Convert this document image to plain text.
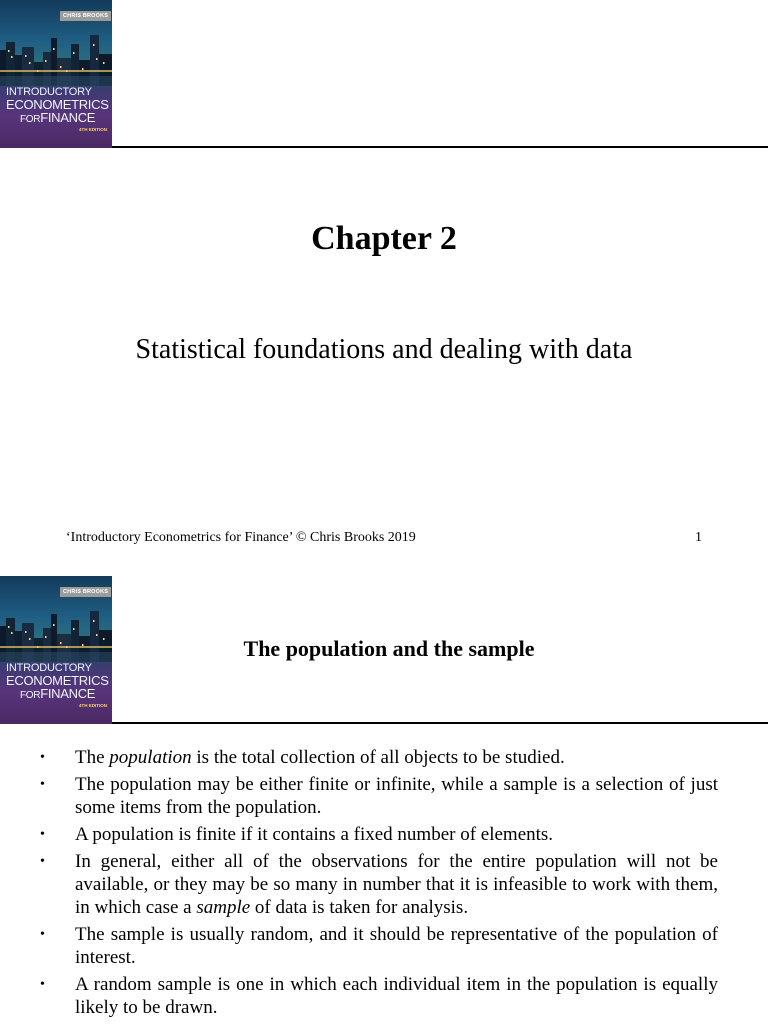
CHRIS BROOKS
INTRODUCTORY
ECONOMETRICS
FORFINANCE
4TH EDITION
Chapter 2
Statistical foundations and dealing with data
‘Introductory Econometrics for Finance’ © Chris Brooks 2019	1
CHRIS BROOKS
INTRODUCTORY
ECONOMETRICS
FORFINANCE
4TH EDITION
The population and the sample
• The population is the total collection of all objects to be studied.
• The population may be either finite or infinite, while a sample is a selection of just some items from the population.
• A population is finite if it contains a fixed number of elements.
• In general, either all of the observations for the entire population will not be available, or they may be so many in number that it is infeasible to work with them, in which case a sample of data is taken for analysis.
• The sample is usually random, and it should be representative of the population of interest.
• A random sample is one in which each individual item in the population is equally likely to be drawn.
